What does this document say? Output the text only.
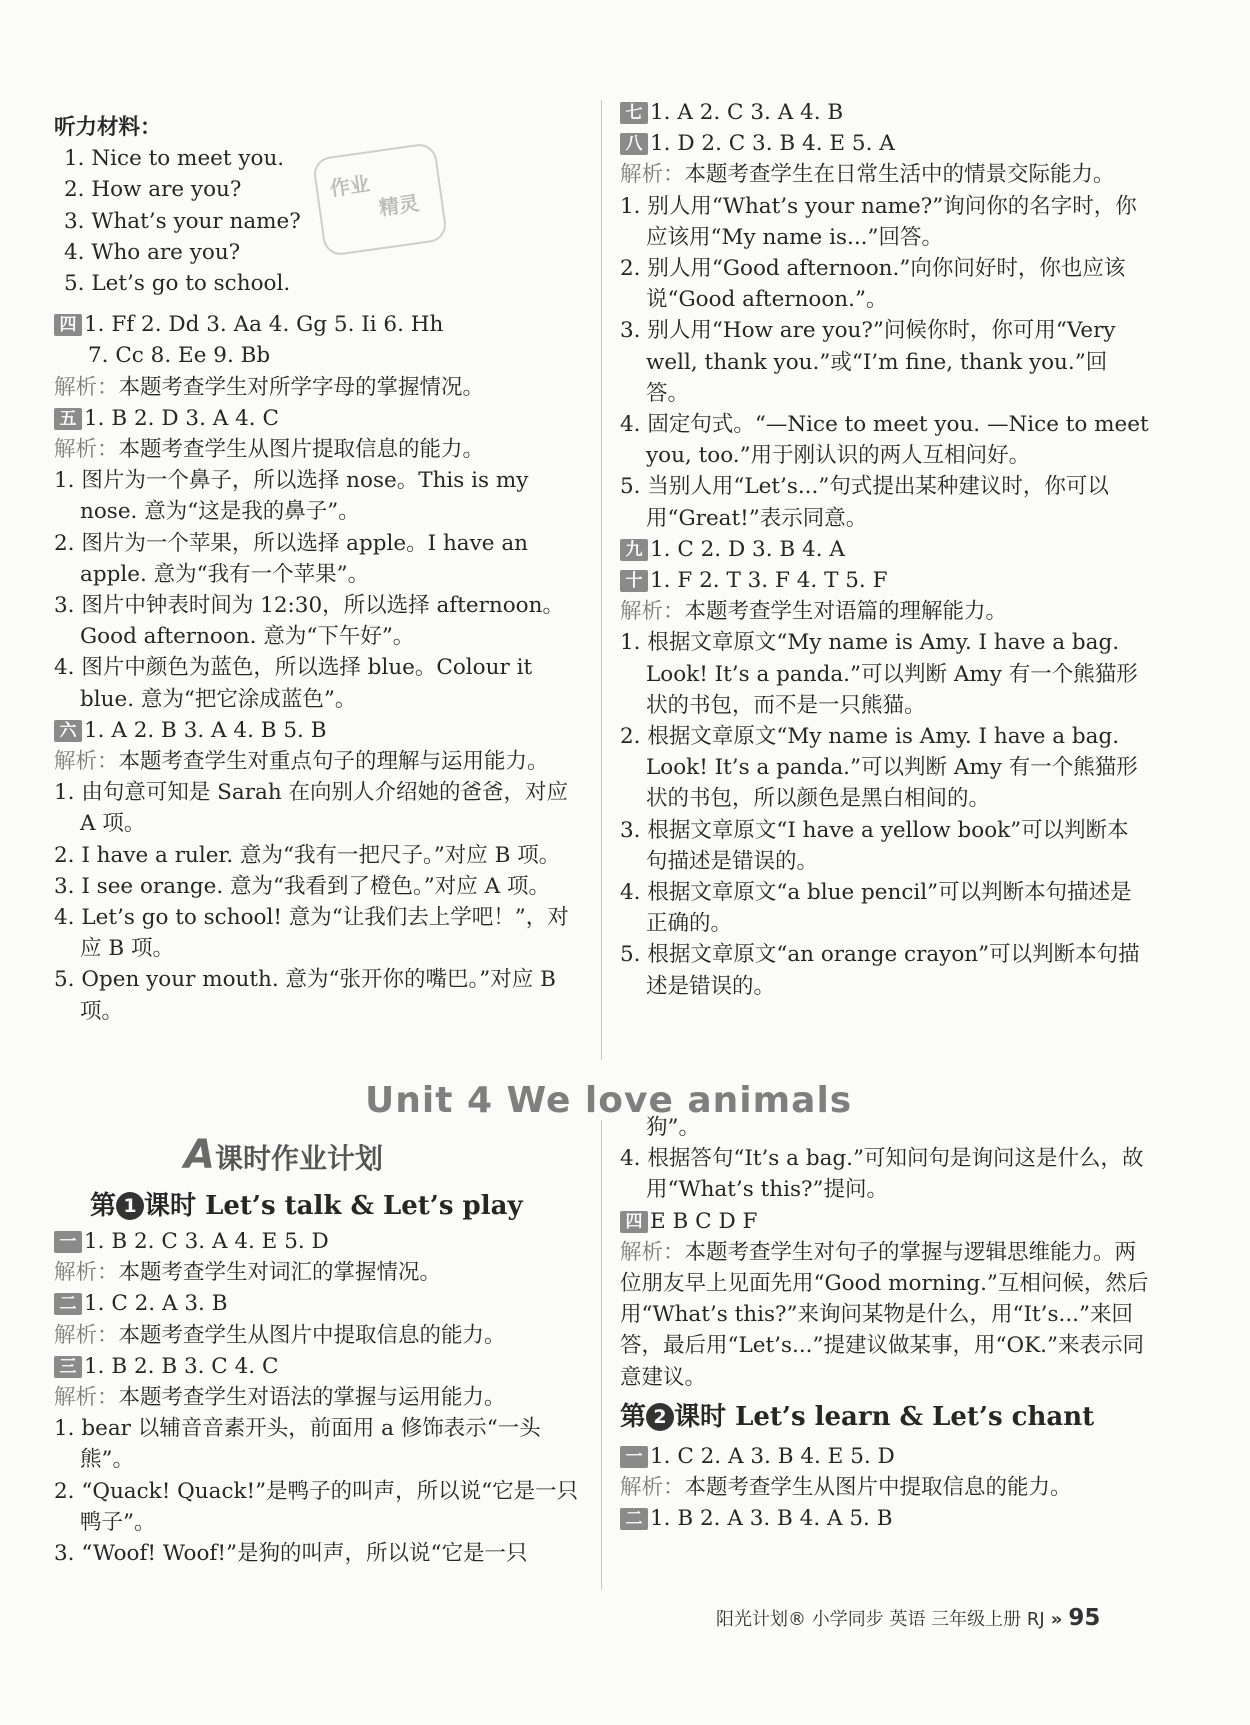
作业
精灵
听力材料：
1. Nice to meet you.
2. How are you?
3. What’s your name?
4. Who are you?
5. Let’s go to school.
四 1. Ff 2. Dd 3. Aa 4. Gg 5. Ii 6. Hh
7. Cc 8. Ee 9. Bb
解析：本题考查学生对所学字母的掌握情况。
五 1. B 2. D 3. A 4. C
解析：本题考查学生从图片提取信息的能力。
1. 图片为一个鼻子，所以选择 nose。This is my nose. 意为“这是我的鼻子”。
2. 图片为一个苹果，所以选择 apple。I have an apple. 意为“我有一个苹果”。
3. 图片中钟表时间为 12:30，所以选择 afternoon。Good afternoon. 意为“下午好”。
4. 图片中颜色为蓝色，所以选择 blue。Colour it blue. 意为“把它涂成蓝色”。
六 1. A 2. B 3. A 4. B 5. B
解析：本题考查学生对重点句子的理解与运用能力。
1. 由句意可知是 Sarah 在向别人介绍她的爸爸，对应 A 项。
2. I have a ruler. 意为“我有一把尺子。”对应 B 项。
3. I see orange. 意为“我看到了橙色。”对应 A 项。
4. Let’s go to school! 意为“让我们去上学吧！”，对应 B 项。
5. Open your mouth. 意为“张开你的嘴巴。”对应 B 项。
七 1. A 2. C 3. A 4. B
八 1. D 2. C 3. B 4. E 5. A
解析：本题考查学生在日常生活中的情景交际能力。
1. 别人用“What’s your name?”询问你的名字时，你应该用“My name is...”回答。
2. 别人用“Good afternoon.”向你问好时，你也应该说“Good afternoon.”。
3. 别人用“How are you?”问候你时，你可用“Very well, thank you.”或“I’m fine, thank you.”回答。
4. 固定句式。“—Nice to meet you. —Nice to meet you, too.”用于刚认识的两人互相问好。
5. 当别人用“Let’s...”句式提出某种建议时，你可以用“Great!”表示同意。
九 1. C 2. D 3. B 4. A
十 1. F 2. T 3. F 4. T 5. F
解析：本题考查学生对语篇的理解能力。
1. 根据文章原文“My name is Amy. I have a bag. Look! It’s a panda.”可以判断 Amy 有一个熊猫形状的书包，而不是一只熊猫。
2. 根据文章原文“My name is Amy. I have a bag. Look! It’s a panda.”可以判断 Amy 有一个熊猫形状的书包，所以颜色是黑白相间的。
3. 根据文章原文“I have a yellow book”可以判断本句描述是错误的。
4. 根据文章原文“a blue pencil”可以判断本句描述是正确的。
5. 根据文章原文“an orange crayon”可以判断本句描述是错误的。
Unit 4 We love animals
A课时作业计划
第 1 课时 Let’s talk & Let’s play
一 1. B 2. C 3. A 4. E 5. D
解析：本题考查学生对词汇的掌握情况。
二 1. C 2. A 3. B
解析：本题考查学生从图片中提取信息的能力。
三 1. B 2. B 3. C 4. C
解析：本题考查学生对语法的掌握与运用能力。
1. bear 以辅音音素开头，前面用 a 修饰表示“一头熊”。
2. “Quack! Quack!”是鸭子的叫声，所以说“它是一只鸭子”。
3. “Woof! Woof!”是狗的叫声，所以说“它是一只
狗”。
4. 根据答句“It’s a bag.”可知问句是询问这是什么，故用“What’s this?”提问。
四 E B C D F
解析：本题考查学生对句子的掌握与逻辑思维能力。两位朋友早上见面先用“Good morning.”互相问候，然后用“What’s this?”来询问某物是什么，用“It’s...”来回答，最后用“Let’s...”提建议做某事，用“OK.”来表示同意建议。
第 2 课时 Let’s learn & Let’s chant
一 1. C 2. A 3. B 4. E 5. D
解析：本题考查学生从图片中提取信息的能力。
二 1. B 2. A 3. B 4. A 5. B
阳光计划® 小学同步 英语 三年级上册 RJ » 95
